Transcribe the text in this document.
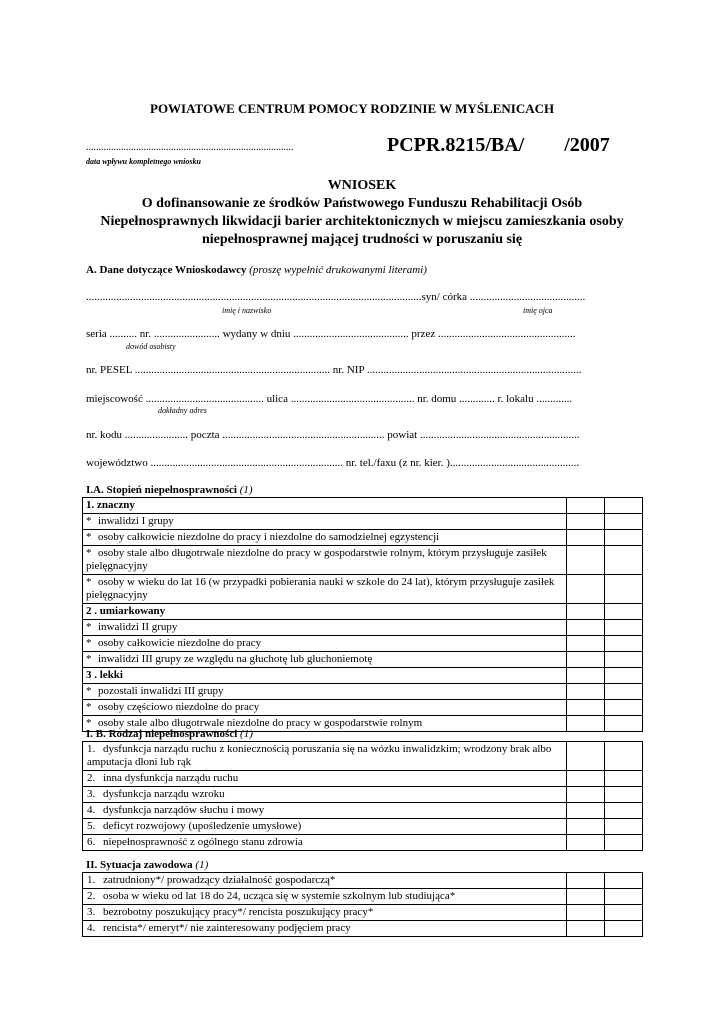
POWIATOWE CENTRUM POMOCY RODZINIE W MYŚLENICACH
...................................................................................
data wpływu kompletnego wniosku
PCPR.8215/BA/        /2007
WNIOSEK
O dofinansowanie ze środków Państwowego Funduszu Rehabilitacji Osób
Niepełnosprawnych likwidacji barier architektonicznych w miejscu zamieszkania osoby
niepełnosprawnej mającej trudności w poruszaniu się
A. Dane dotyczące Wnioskodawcy (proszę wypełnić drukowanymi literami)
..........................................................................................................................syn/ córka ..........................................
imię i nazwisko	imię ojca
seria .......... nr. ........................ wydany w dniu .......................................... przez ..................................................
dowód osobisty
nr. PESEL ....................................................................... nr. NIP ..............................................................................
miejscowość ........................................... ulica ............................................. nr. domu ............. r. lokalu .............
dokładny adres
nr. kodu ....................... poczta ........................................................... powiat ..........................................................
województwo ...................................................................... nr. tel./faxu (z nr. kier. )...............................................
I.A. Stopień niepełnosprawności (1)
1. znaczny		
* inwalidzi I grupy		
* osoby całkowicie niezdolne do pracy i niezdolne do samodzielnej egzystencji		
* osoby stale albo długotrwale niezdolne do pracy w gospodarstwie rolnym, którym przysługuje zasiłek pielęgnacyjny		
* osoby w wieku do lat 16 (w przypadki pobierania nauki w szkole do 24 lat), którym przysługuje zasiłek pielęgnacyjny		
2 . umiarkowany		
* inwalidzi II grupy		
* osoby całkowicie niezdolne do pracy		
* inwalidzi III grupy ze względu na głuchotę lub głuchoniemotę		
3 . lekki		
* pozostali inwalidzi III grupy		
* osoby częściowo niezdolne do pracy		
* osoby stale albo długotrwale niezdolne do pracy w gospodarstwie rolnym		
I. B. Rodzaj niepełnosprawności (1)
1. dysfunkcja narządu ruchu z koniecznością poruszania się na wózku inwalidzkim; wrodzony brak albo amputacja dłoni lub rąk		
2. inna dysfunkcja narządu ruchu		
3. dysfunkcja narządu wzroku		
4. dysfunkcja narządów słuchu i mowy		
5. deficyt rozwojowy (upośledzenie umysłowe)		
6. niepełnosprawność z ogólnego stanu zdrowia		
II. Sytuacja zawodowa (1)
1. zatrudniony*/ prowadzący działalność gospodarczą*		
2. osoba w wieku od lat 18 do 24, ucząca się w systemie szkolnym lub studiująca*		
3. bezrobotny poszukujący pracy*/ rencista poszukujący pracy*		
4. rencista*/ emeryt*/ nie zainteresowany podjęciem pracy		
